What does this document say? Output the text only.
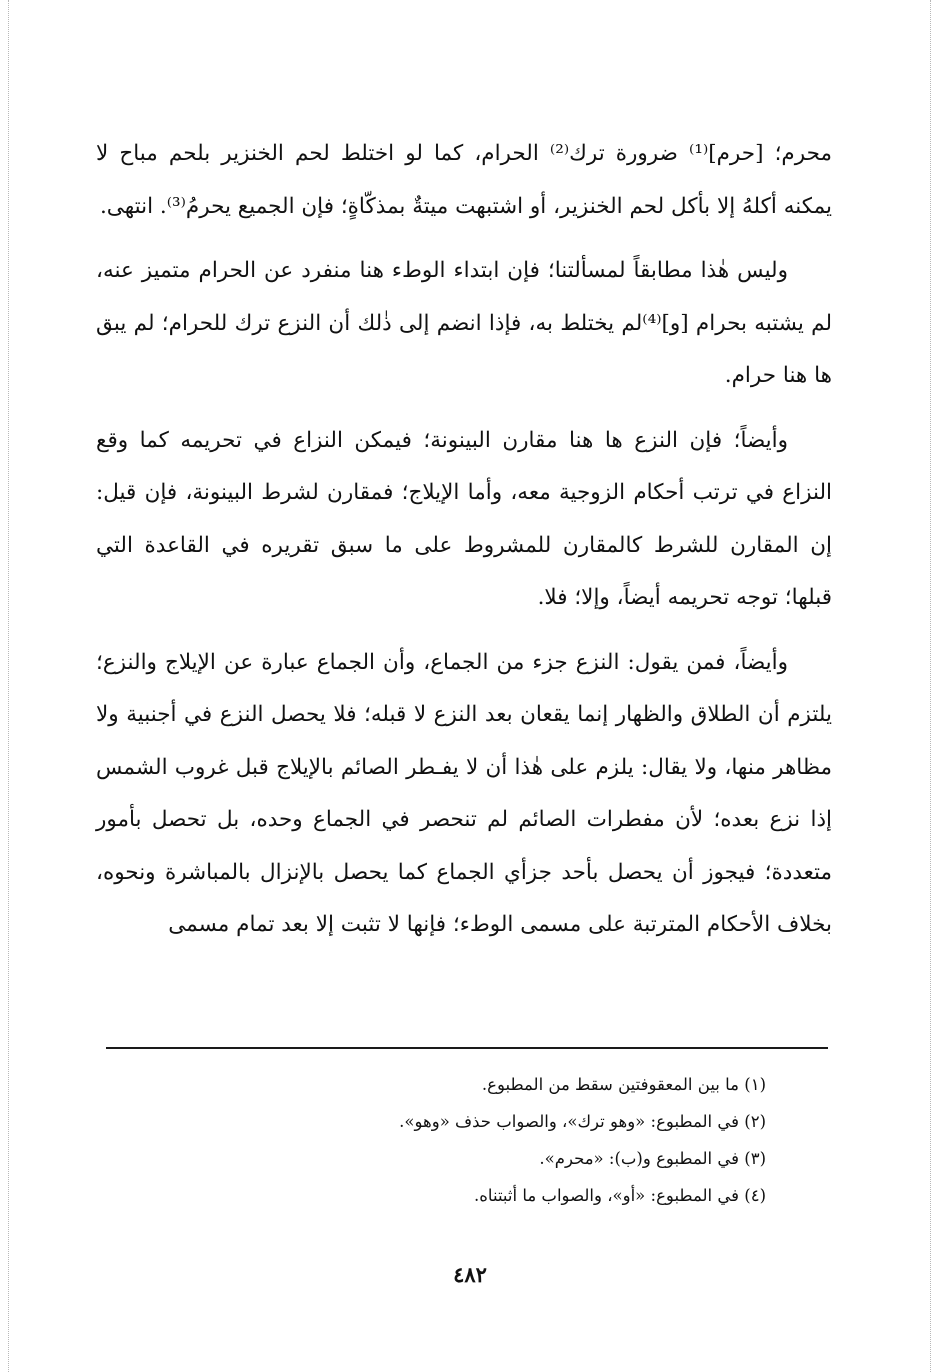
محرم؛ [حرم]⁽¹⁾ ضرورة ترك⁽²⁾ الحرام، كما لو اختلط لحم الخنزير بلحم مباح لا يمكنه أكلهُ إلا بأكل لحم الخنزير، أو اشتبهت ميتةٌ بمذكّاةٍ؛ فإن الجميع يحرمُ⁽³⁾. انتهى.

وليس هٰذا مطابقاً لمسألتنا؛ فإن ابتداء الوطء هنا منفرد عن الحرام متميز عنه، لم يشتبه بحرام [و]⁽⁴⁾لم يختلط به، فإذا انضم إلى ذٰلك أن النزع ترك للحرام؛ لم يبق ها هنا حرام.

وأيضاً؛ فإن النزع ها هنا مقارن البينونة؛ فيمكن النزاع في تحريمه كما وقع النزاع في ترتب أحكام الزوجية معه، وأما الإيلاج؛ فمقارن لشرط البينونة، فإن قيل: إن المقارن للشرط كالمقارن للمشروط على ما سبق تقريره في القاعدة التي قبلها؛ توجه تحريمه أيضاً، وإلا؛ فلا.

وأيضاً، فمن يقول: النزع جزء من الجماع، وأن الجماع عبارة عن الإيلاج والنزع؛ يلتزم أن الطلاق والظهار إنما يقعان بعد النزع لا قبله؛ فلا يحصل النزع في أجنبية ولا مظاهر منها، ولا يقال: يلزم على هٰذا أن لا يفـطر الصائم بالإيلاج قبل غروب الشمس إذا نزع بعده؛ لأن مفطرات الصائم لم تنحصر في الجماع وحده، بل تحصل بأمور متعددة؛ فيجوز أن يحصل بأحد جزأي الجماع كما يحصل بالإنزال بالمباشرة ونحوه، بخلاف الأحكام المترتبة على مسمى الوطء؛ فإنها لا تثبت إلا بعد تمام مسمى

(١) ما بين المعقوفتين سقط من المطبوع.

(٢) في المطبوع: «وهو ترك»، والصواب حذف «وهو».

(٣) في المطبوع و(ب): «محرم».

(٤) في المطبوع: «أو»، والصواب ما أثبتناه.

٤٨٢
